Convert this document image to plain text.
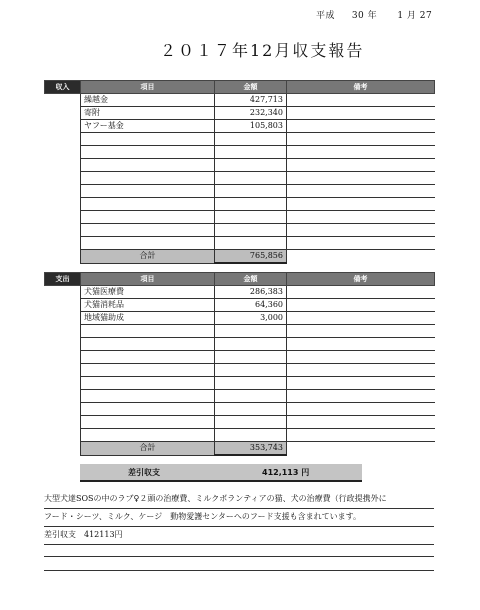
平成 30 年 1 月 27
２０１７年12月収支報告
収入	項目	金額	備考
	繰越金	427,713	
	寄附	232,340	
	ヤフー基金	105,803	

	合計	765,856	
支出	項目	金額	備考
	犬猫医療費	286,383	
	犬猫消耗品	64,360	
	地域猫助成	3,000	

	合計	353,743	
差引収支	412,113 円
大型犬達SOSの中のラブ♀２頭の治療費、ミルクボランティアの猫、犬の治療費（行政提携外に
フード・シーツ、ミルク、ケージ　動物愛護センターへのフード支援も含まれています。
差引収支　412113円
